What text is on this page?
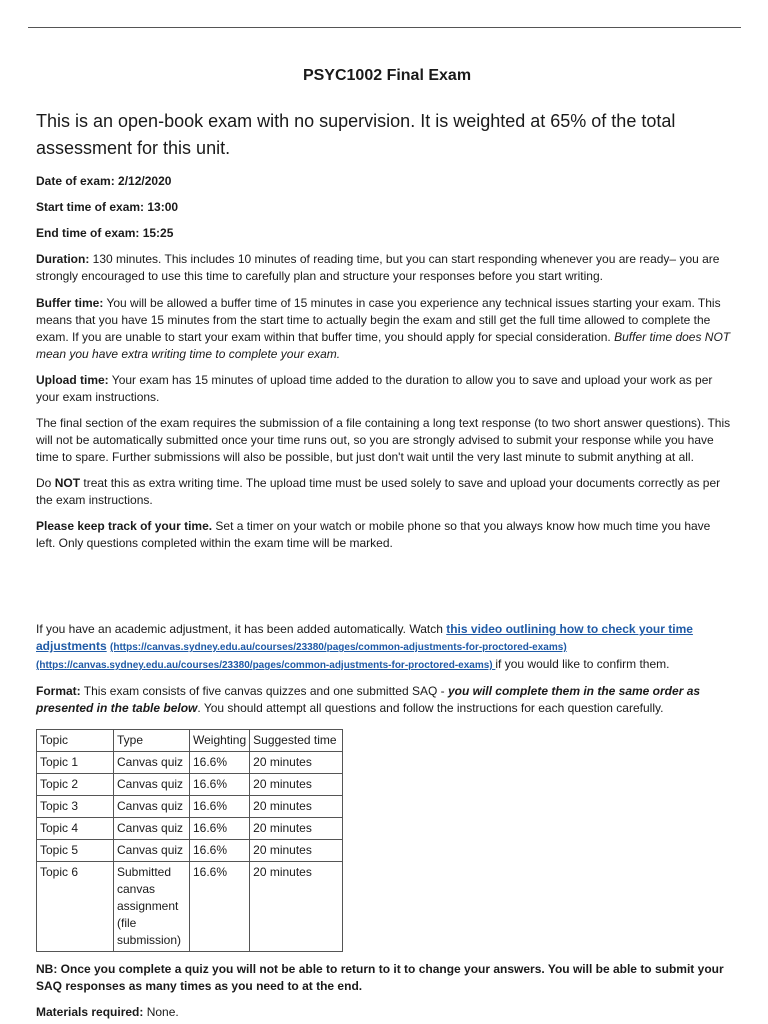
PSYC1002 Final Exam
This is an open-book exam with no supervision. It is weighted at 65% of the total assessment for this unit.

Date of exam: 2/12/2020

Start time of exam: 13:00

End time of exam: 15:25

Duration: 130 minutes. This includes 10 minutes of reading time, but you can start responding whenever you are ready– you are strongly encouraged to use this time to carefully plan and structure your responses before you start writing.

Buffer time: You will be allowed a buffer time of 15 minutes in case you experience any technical issues starting your exam. This means that you have 15 minutes from the start time to actually begin the exam and still get the full time allowed to complete the exam. If you are unable to start your exam within that buffer time, you should apply for special consideration. Buffer time does NOT mean you have extra writing time to complete your exam.

Upload time: Your exam has 15 minutes of upload time added to the duration to allow you to save and upload your work as per your exam instructions.

The final section of the exam requires the submission of a file containing a long text response (to two short answer questions). This will not be automatically submitted once your time runs out, so you are strongly advised to submit your response while you have time to spare. Further submissions will also be possible, but just don't wait until the very last minute to submit anything at all.

Do NOT treat this as extra writing time. The upload time must be used solely to save and upload your documents correctly as per the exam instructions.

Please keep track of your time. Set a timer on your watch or mobile phone so that you always know how much time you have left. Only questions completed within the exam time will be marked.

If you have an academic adjustment, it has been added automatically. Watch this video outlining how to check your time adjustments (https://canvas.sydney.edu.au/courses/23380/pages/common-adjustments-for-proctored-exams) (https://canvas.sydney.edu.au/courses/23380/pages/common-adjustments-for-proctored-exams) if you would like to confirm them.

Format: This exam consists of five canvas quizzes and one submitted SAQ - you will complete them in the same order as presented in the table below. You should attempt all questions and follow the instructions for each question carefully.

Topic	Type	Weighting	Suggested time
Topic 1	Canvas quiz	16.6%	20 minutes
Topic 2	Canvas quiz	16.6%	20 minutes
Topic 3	Canvas quiz	16.6%	20 minutes
Topic 4	Canvas quiz	16.6%	20 minutes
Topic 5	Canvas quiz	16.6%	20 minutes
Topic 6	Submitted canvas assignment (file submission)	16.6%	20 minutes

NB: Once you complete a quiz you will not be able to return to it to change your answers. You will be able to submit your SAQ responses as many times as you need to at the end.

Materials required: None.
